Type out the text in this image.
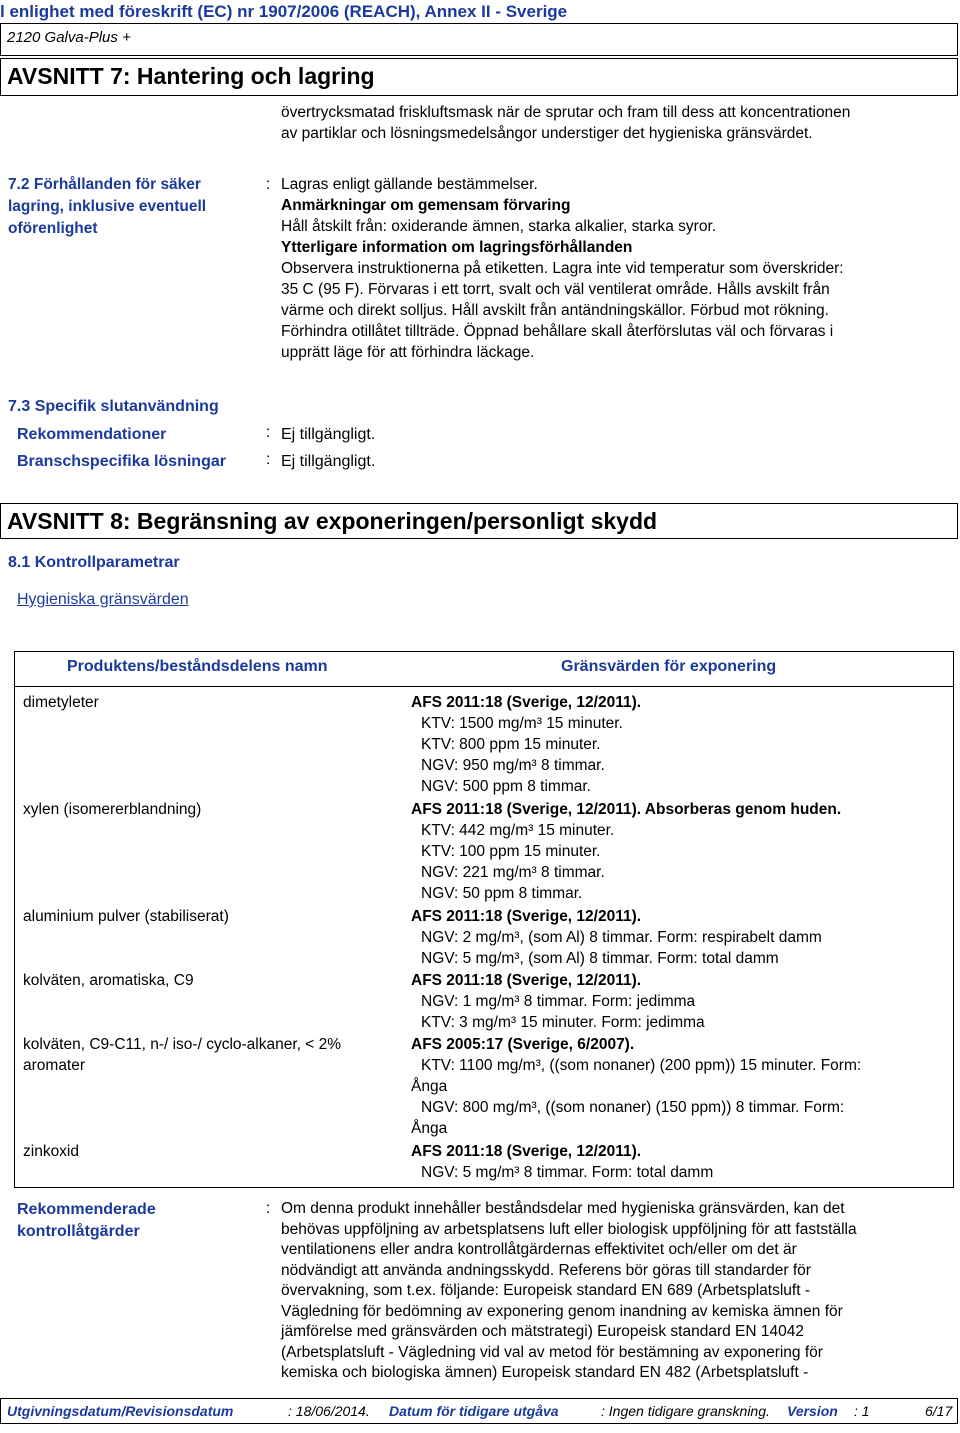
l enlighet med föreskrift (EC) nr 1907/2006 (REACH), Annex II - Sverige
2120 Galva-Plus +
AVSNITT 7: Hantering och lagring
övertrycksmatad friskluftsmask när de sprutar och fram till dess att koncentrationen
av partiklar och lösningsmedelsångor understiger det hygieniska gränsvärdet.
7.2 Förhållanden för säker
lagring, inklusive eventuell
oförenlighet
: Lagras enligt gällande bestämmelser.
Anmärkningar om gemensam förvaring
Håll åtskilt från: oxiderande ämnen, starka alkalier, starka syror.
Ytterligare information om lagringsförhållanden
Observera instruktionerna på etiketten. Lagra inte vid temperatur som överskrider:
35 C (95 F). Förvaras i ett torrt, svalt och väl ventilerat område. Hålls avskilt från
värme och direkt solljus. Håll avskilt från antändningskällor. Förbud mot rökning.
Förhindra otillåtet tillträde. Öppnad behållare skall återförslutas väl och förvaras i
upprätt läge för att förhindra läckage.
7.3 Specifik slutanvändning
Rekommendationer	: Ej tillgängligt.
Branschspecifika lösningar	: Ej tillgängligt.
AVSNITT 8: Begränsning av exponeringen/personligt skydd
8.1 Kontrollparametrar
Hygieniska gränsvärden
Produktens/beståndsdelens namn	Gränsvärden för exponering
dimetyleter	AFS 2011:18 (Sverige, 12/2011).
KTV: 1500 mg/m³ 15 minuter.
KTV: 800 ppm 15 minuter.
NGV: 950 mg/m³ 8 timmar.
NGV: 500 ppm 8 timmar.
xylen (isomererblandning)	AFS 2011:18 (Sverige, 12/2011). Absorberas genom huden.
KTV: 442 mg/m³ 15 minuter.
KTV: 100 ppm 15 minuter.
NGV: 221 mg/m³ 8 timmar.
NGV: 50 ppm 8 timmar.
aluminium pulver (stabiliserat)	AFS 2011:18 (Sverige, 12/2011).
NGV: 2 mg/m³, (som Al) 8 timmar. Form: respirabelt damm
NGV: 5 mg/m³, (som Al) 8 timmar. Form: total damm
kolväten, aromatiska, C9	AFS 2011:18 (Sverige, 12/2011).
NGV: 1 mg/m³ 8 timmar. Form: jedimma
KTV: 3 mg/m³ 15 minuter. Form: jedimma
kolväten, C9-C11, n-/ iso-/ cyclo-alkaner, < 2%
aromater
AFS 2005:17 (Sverige, 6/2007).
KTV: 1100 mg/m³, ((som nonaner) (200 ppm)) 15 minuter. Form:
Ånga
NGV: 800 mg/m³, ((som nonaner) (150 ppm)) 8 timmar. Form:
Ånga
zinkoxid	AFS 2011:18 (Sverige, 12/2011).
NGV: 5 mg/m³ 8 timmar. Form: total damm
Rekommenderade
kontrollåtgärder
: Om denna produkt innehåller beståndsdelar med hygieniska gränsvärden, kan det
behövas uppföljning av arbetsplatsens luft eller biologisk uppföljning för att fastställa
ventilationens eller andra kontrollåtgärdernas effektivitet och/eller om det är
nödvändigt att använda andningsskydd. Referens bör göras till standarder för
övervakning, som t.ex. följande: Europeisk standard EN 689 (Arbetsplatsluft -
Vägledning för bedömning av exponering genom inandning av kemiska ämnen för
jämförelse med gränsvärden och mätstrategi) Europeisk standard EN 14042
(Arbetsplatsluft - Vägledning vid val av metod för bestämning av exponering för
kemiska och biologiska ämnen) Europeisk standard EN 482 (Arbetsplatsluft -
Utgivningsdatum/Revisionsdatum	: 18/06/2014. Datum för tidigare utgåva	: Ingen tidigare granskning. Version : 1	6/17
